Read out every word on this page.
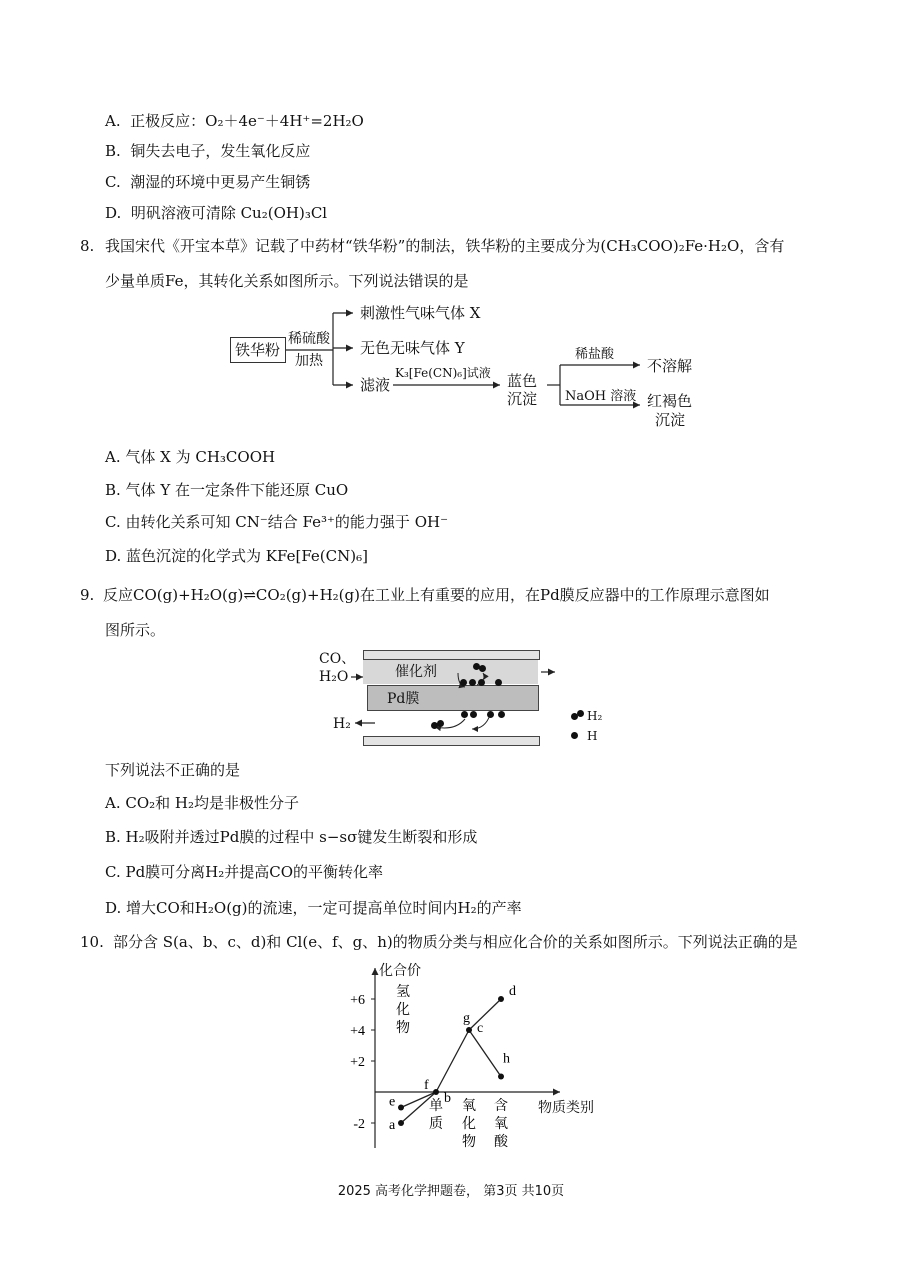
A. 正极反应：O₂＋4e⁻＋4H⁺=2H₂O
B. 铜失去电子，发生氧化反应
C. 潮湿的环境中更易产生铜锈
D. 明矾溶液可清除 Cu₂(OH)₃Cl
8. 我国宋代《开宝本草》记载了中药材“铁华粉”的制法，铁华粉的主要成分为(CH₃COO)₂Fe·H₂O，含有
少量单质Fe，其转化关系如图所示。下列说法错误的是
铁华粉
稀硫酸
加热
刺激性气味气体 X
无色无味气体 Y
滤液
K₃[Fe(CN)₆]试液 蓝色
沉淀
稀盐酸
不溶解
NaOH 溶液 红褐色
沉淀
A. 气体 X 为 CH₃COOH
B. 气体 Y 在一定条件下能还原 CuO
C. 由转化关系可知 CN⁻结合 Fe³⁺的能力强于 OH⁻
D. 蓝色沉淀的化学式为 KFe[Fe(CN)₆]
9. 反应CO(g)+H₂O(g)⇌CO₂(g)+H₂(g)在工业上有重要的应用，在Pd膜反应器中的工作原理示意图如
图所示。
CO、
H₂O	催化剂
Pd膜
H₂	H₂
H
下列说法不正确的是
A. CO₂和 H₂均是非极性分子
B. H₂吸附并透过Pd膜的过程中 s−sσ键发生断裂和形成
C. Pd膜可分离H₂并提高CO的平衡转化率
D. 增大CO和H₂O(g)的流速，一定可提高单位时间内H₂的产率
10. 部分含 S(a、b、c、d)和 Cl(e、f、g、h)的物质分类与相应化合价的关系如图所示。下列说法正确的是
+6
+4
+2
-2
氢
化
物
单
质
氧
化
物
含
氧
酸
a
e	b
f
c
g
d
h
化合价
物质类别
2025 高考化学押题卷， 第3页 共10页
